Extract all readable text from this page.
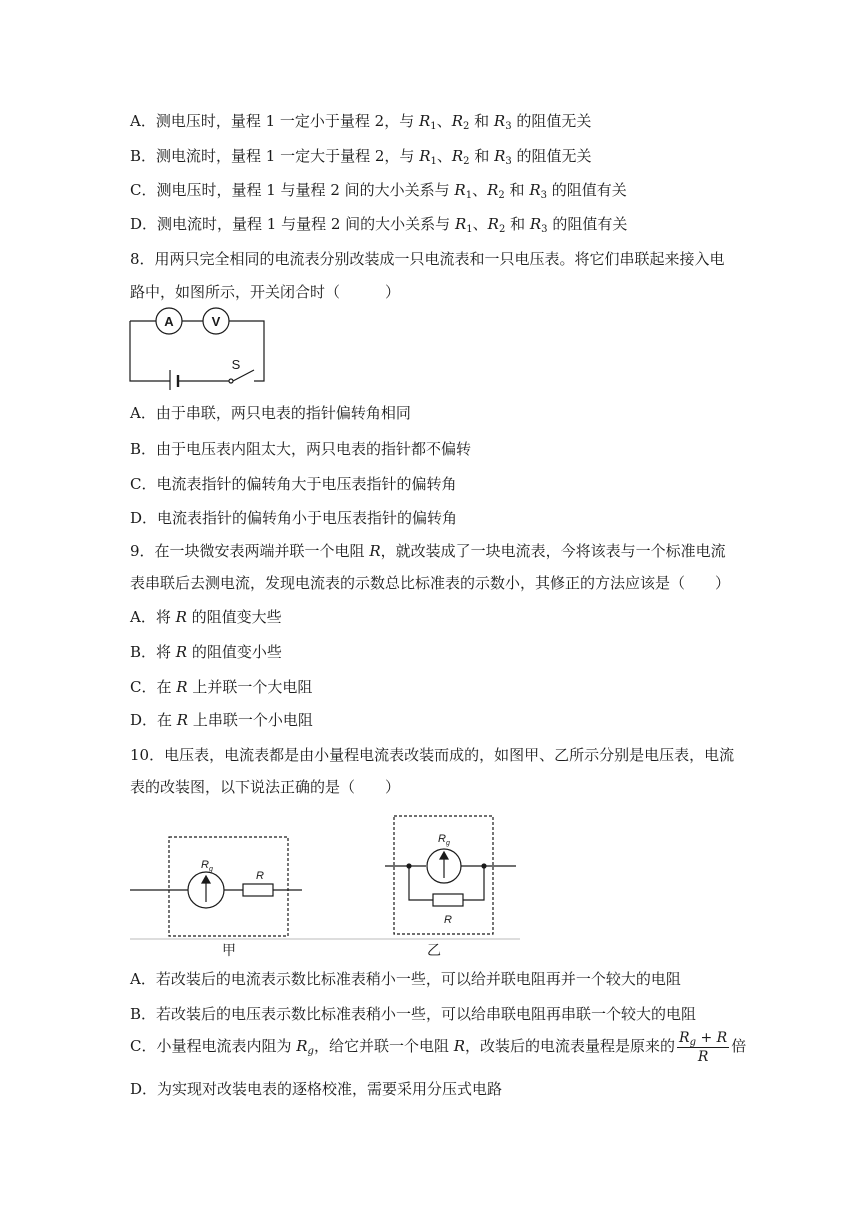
A．测电压时，量程 1 一定小于量程 2，与 $R_1$、$R_2$ 和 $R_3$ 的阻值无关
B．测电流时，量程 1 一定大于量程 2，与 $R_1$、$R_2$ 和 $R_3$ 的阻值无关
C．测电压时，量程 1 与量程 2 间的大小关系与 $R_1$、$R_2$ 和 $R_3$ 的阻值有关
D．测电流时，量程 1 与量程 2 间的大小关系与 $R_1$、$R_2$ 和 $R_3$ 的阻值有关
8．用两只完全相同的电流表分别改装成一只电流表和一只电压表。将它们串联起来接入电
路中，如图所示，开关闭合时（　　　）
A	V
S
A．由于串联，两只电表的指针偏转角相同
B．由于电压表内阻太大，两只电表的指针都不偏转
C．电流表指针的偏转角大于电压表指针的偏转角
D．电流表指针的偏转角小于电压表指针的偏转角
9．在一块微安表两端并联一个电阻 R，就改装成了一块电流表，今将该表与一个标准电流
表串联后去测电流，发现电流表的示数总比标准表的示数小，其修正的方法应该是（　　）
A．将 R 的阻值变大些
B．将 R 的阻值变小些
C．在 R 上并联一个大电阻
D．在 R 上串联一个小电阻
10．电压表，电流表都是由小量程电流表改装而成的，如图甲、乙所示分别是电压表，电流
表的改装图，以下说法正确的是（　　）
R g
R
R g
R
甲	乙
A．若改装后的电流表示数比标准表稍小一些，可以给并联电阻再并一个较大的电阻
B．若改装后的电压表示数比标准表稍小一些，可以给串联电阻再串联一个较大的电阻
C．小量程电流表内阻为 $R_g$，给它并联一个电阻 R，改装后的电流表量程是原来的 $\frac{R_g + R}{R}$ 倍
D．为实现对改装电表的逐格校准，需要采用分压式电路
